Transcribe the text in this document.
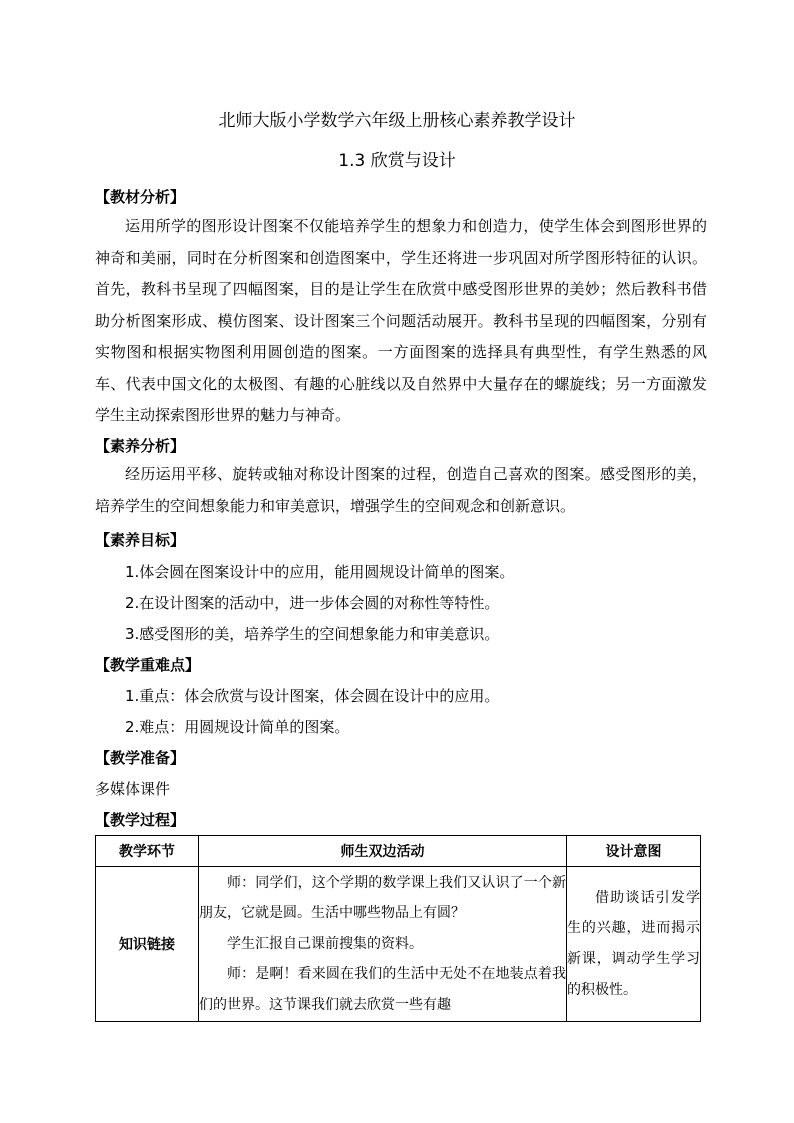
北师大版小学数学六年级上册核心素养教学设计
1.3 欣赏与设计
【教材分析】

运用所学的图形设计图案不仅能培养学生的想象力和创造力，使学生体会到图形世界的神奇和美丽，同时在分析图案和创造图案中，学生还将进一步巩固对所学图形特征的认识。首先，教科书呈现了四幅图案，目的是让学生在欣赏中感受图形世界的美妙；然后教科书借助分析图案形成、模仿图案、设计图案三个问题活动展开。教科书呈现的四幅图案，分别有实物图和根据实物图利用圆创造的图案。一方面图案的选择具有典型性，有学生熟悉的风车、代表中国文化的太极图、有趣的心脏线以及自然界中大量存在的螺旋线；另一方面激发学生主动探索图形世界的魅力与神奇。

【素养分析】

经历运用平移、旋转或轴对称设计图案的过程，创造自己喜欢的图案。感受图形的美，培养学生的空间想象能力和审美意识，增强学生的空间观念和创新意识。

【素养目标】
1.体会圆在图案设计中的应用，能用圆规设计简单的图案。
2.在设计图案的活动中，进一步体会圆的对称性等特性。
3.感受图形的美，培养学生的空间想象能力和审美意识。
【教学重难点】
1.重点：体会欣赏与设计图案，体会圆在设计中的应用。
2.难点：用圆规设计简单的图案。
【教学准备】
多媒体课件
【教学过程】
教学环节	师生双边活动	设计意图
知识链接	师：同学们，这个学期的数学课上我们又认识了一个新朋友，它就是圆。生活中哪些物品上有圆？

学生汇报自己课前搜集的资料。

师：是啊！看来圆在我们的生活中无处不在地装点着我们的世界。这节课我们就去欣赏一些有趣	借助谈话引发学生的兴趣，进而揭示新课，调动学生学习的积极性。
